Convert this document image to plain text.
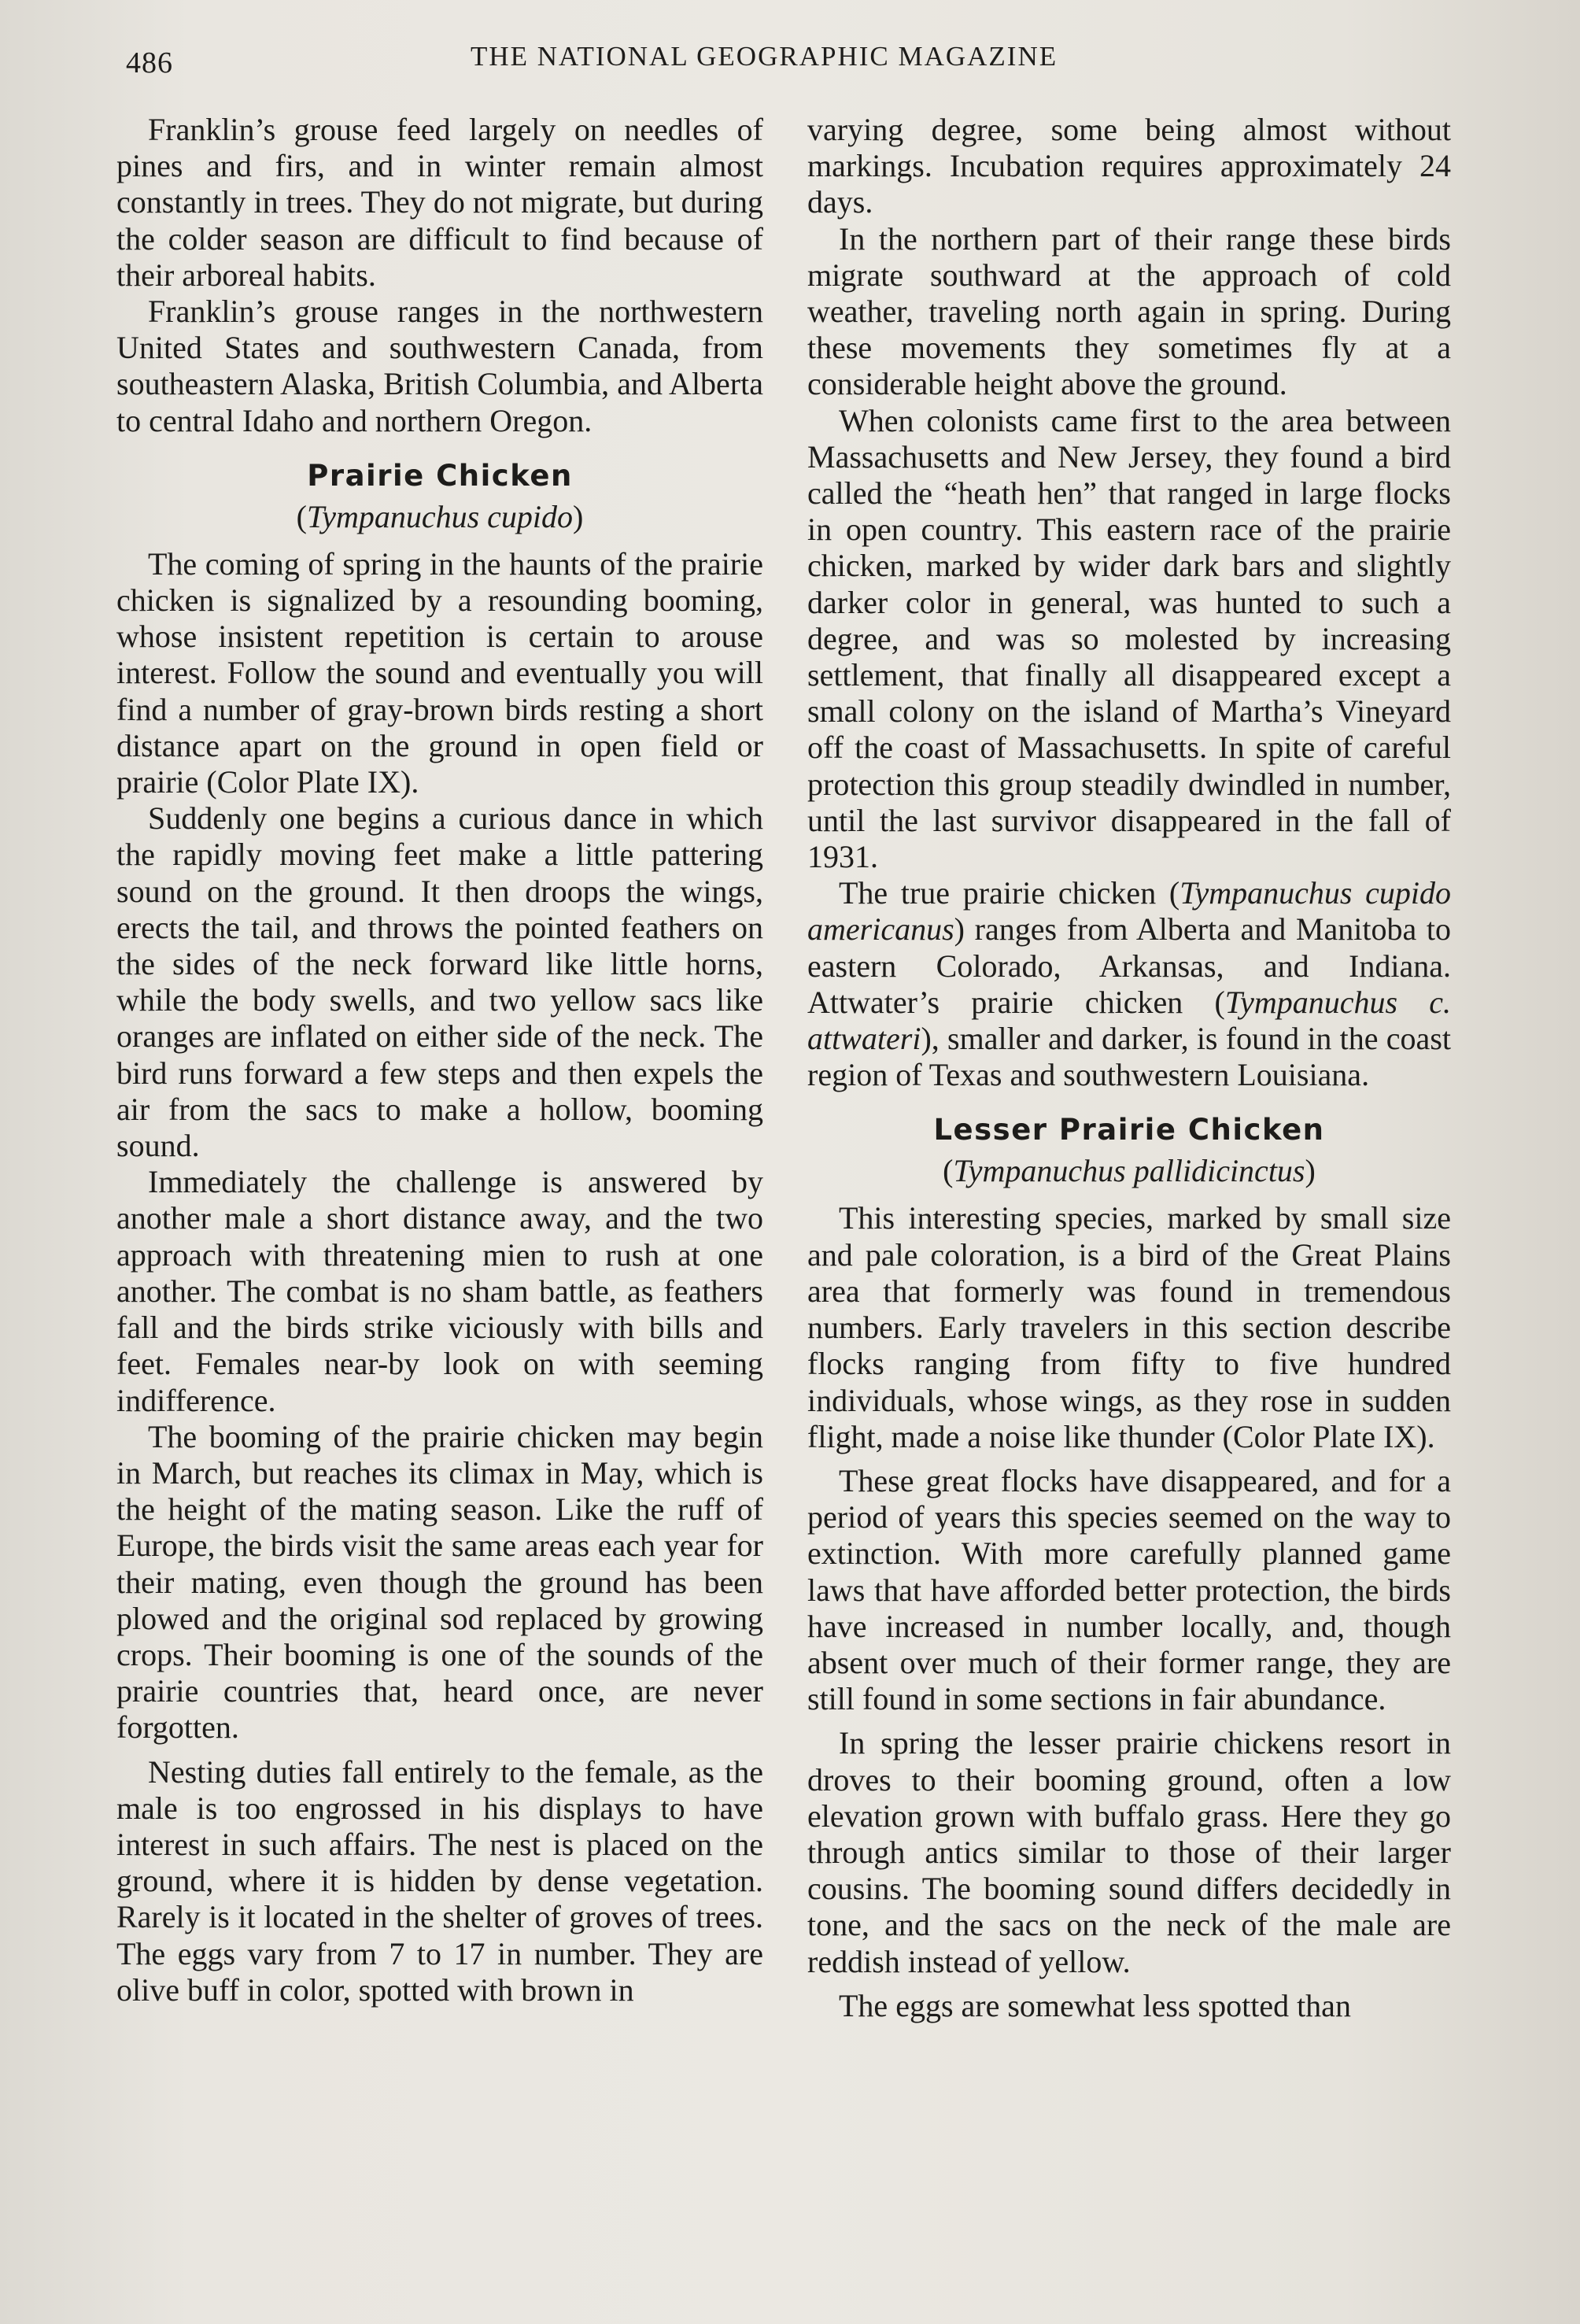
486	THE NATIONAL GEOGRAPHIC MAGAZINE

Franklin’s grouse feed largely on needles of pines and firs, and in winter remain almost constantly in trees. They do not migrate, but during the colder season are difficult to find because of their arboreal habits.

Franklin’s grouse ranges in the northwestern United States and southwestern Canada, from southeastern Alaska, British Columbia, and Alberta to central Idaho and northern Oregon.

Prairie Chicken

(Tympanuchus cupido)

The coming of spring in the haunts of the prairie chicken is signalized by a resounding booming, whose insistent repetition is certain to arouse interest. Follow the sound and eventually you will find a number of gray-brown birds resting a short distance apart on the ground in open field or prairie (Color Plate IX).

Suddenly one begins a curious dance in which the rapidly moving feet make a little pattering sound on the ground. It then droops the wings, erects the tail, and throws the pointed feathers on the sides of the neck forward like little horns, while the body swells, and two yellow sacs like oranges are inflated on either side of the neck. The bird runs forward a few steps and then expels the air from the sacs to make a hollow, booming sound.

Immediately the challenge is answered by another male a short distance away, and the two approach with threatening mien to rush at one another. The combat is no sham battle, as feathers fall and the birds strike viciously with bills and feet. Females near-by look on with seeming indifference.

The booming of the prairie chicken may begin in March, but reaches its climax in May, which is the height of the mating season. Like the ruff of Europe, the birds visit the same areas each year for their mating, even though the ground has been plowed and the original sod replaced by growing crops. Their booming is one of the sounds of the prairie countries that, heard once, are never forgotten.

Nesting duties fall entirely to the female, as the male is too engrossed in his displays to have interest in such affairs. The nest is placed on the ground, where it is hidden by dense vegetation. Rarely is it located in the shelter of groves of trees. The eggs vary from 7 to 17 in number. They are olive buff in color, spotted with brown in

varying degree, some being almost without markings. Incubation requires approximately 24 days.

In the northern part of their range these birds migrate southward at the approach of cold weather, traveling north again in spring. During these movements they sometimes fly at a considerable height above the ground.

When colonists came first to the area between Massachusetts and New Jersey, they found a bird called the “heath hen” that ranged in large flocks in open country. This eastern race of the prairie chicken, marked by wider dark bars and slightly darker color in general, was hunted to such a degree, and was so molested by increasing settlement, that finally all disappeared except a small colony on the island of Martha’s Vineyard off the coast of Massachusetts. In spite of careful protection this group steadily dwindled in number, until the last survivor disappeared in the fall of 1931.

The true prairie chicken (Tympanuchus cupido americanus) ranges from Alberta and Manitoba to eastern Colorado, Arkansas, and Indiana. Attwater’s prairie chicken (Tympanuchus c. attwateri), smaller and darker, is found in the coast region of Texas and southwestern Louisiana.

Lesser Prairie Chicken

(Tympanuchus pallidicinctus)

This interesting species, marked by small size and pale coloration, is a bird of the Great Plains area that formerly was found in tremendous numbers. Early travelers in this section describe flocks ranging from fifty to five hundred individuals, whose wings, as they rose in sudden flight, made a noise like thunder (Color Plate IX).

These great flocks have disappeared, and for a period of years this species seemed on the way to extinction. With more carefully planned game laws that have afforded better protection, the birds have increased in number locally, and, though absent over much of their former range, they are still found in some sections in fair abundance.

In spring the lesser prairie chickens resort in droves to their booming ground, often a low elevation grown with buffalo grass. Here they go through antics similar to those of their larger cousins. The booming sound differs decidedly in tone, and the sacs on the neck of the male are reddish instead of yellow.

The eggs are somewhat less spotted than
